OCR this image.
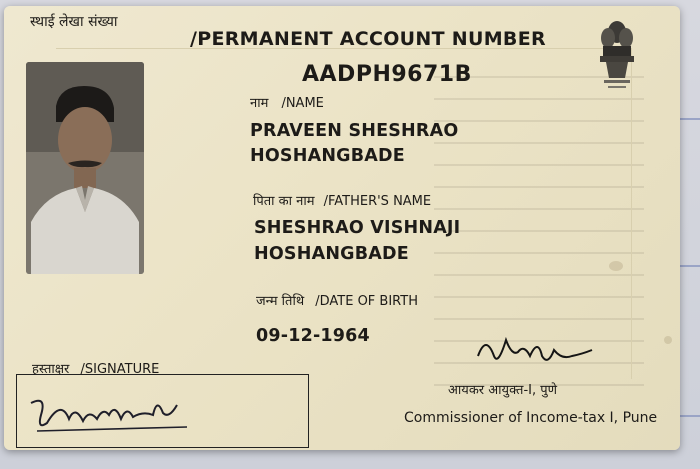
स्थाई लेखा संख्या
/PERMANENT ACCOUNT NUMBER
AADPH9671B
नाम /NAME
PRAVEEN SHESHRAO
HOSHANGBADE
पिता का नाम /FATHER'S NAME
SHESHRAO VISHNAJI
HOSHANGBADE
जन्म तिथि /DATE OF BIRTH
09-12-1964
हस्ताक्षर /SIGNATURE
आयकर आयुक्त-I, पुणे
Commissioner of Income-tax I, Pune
